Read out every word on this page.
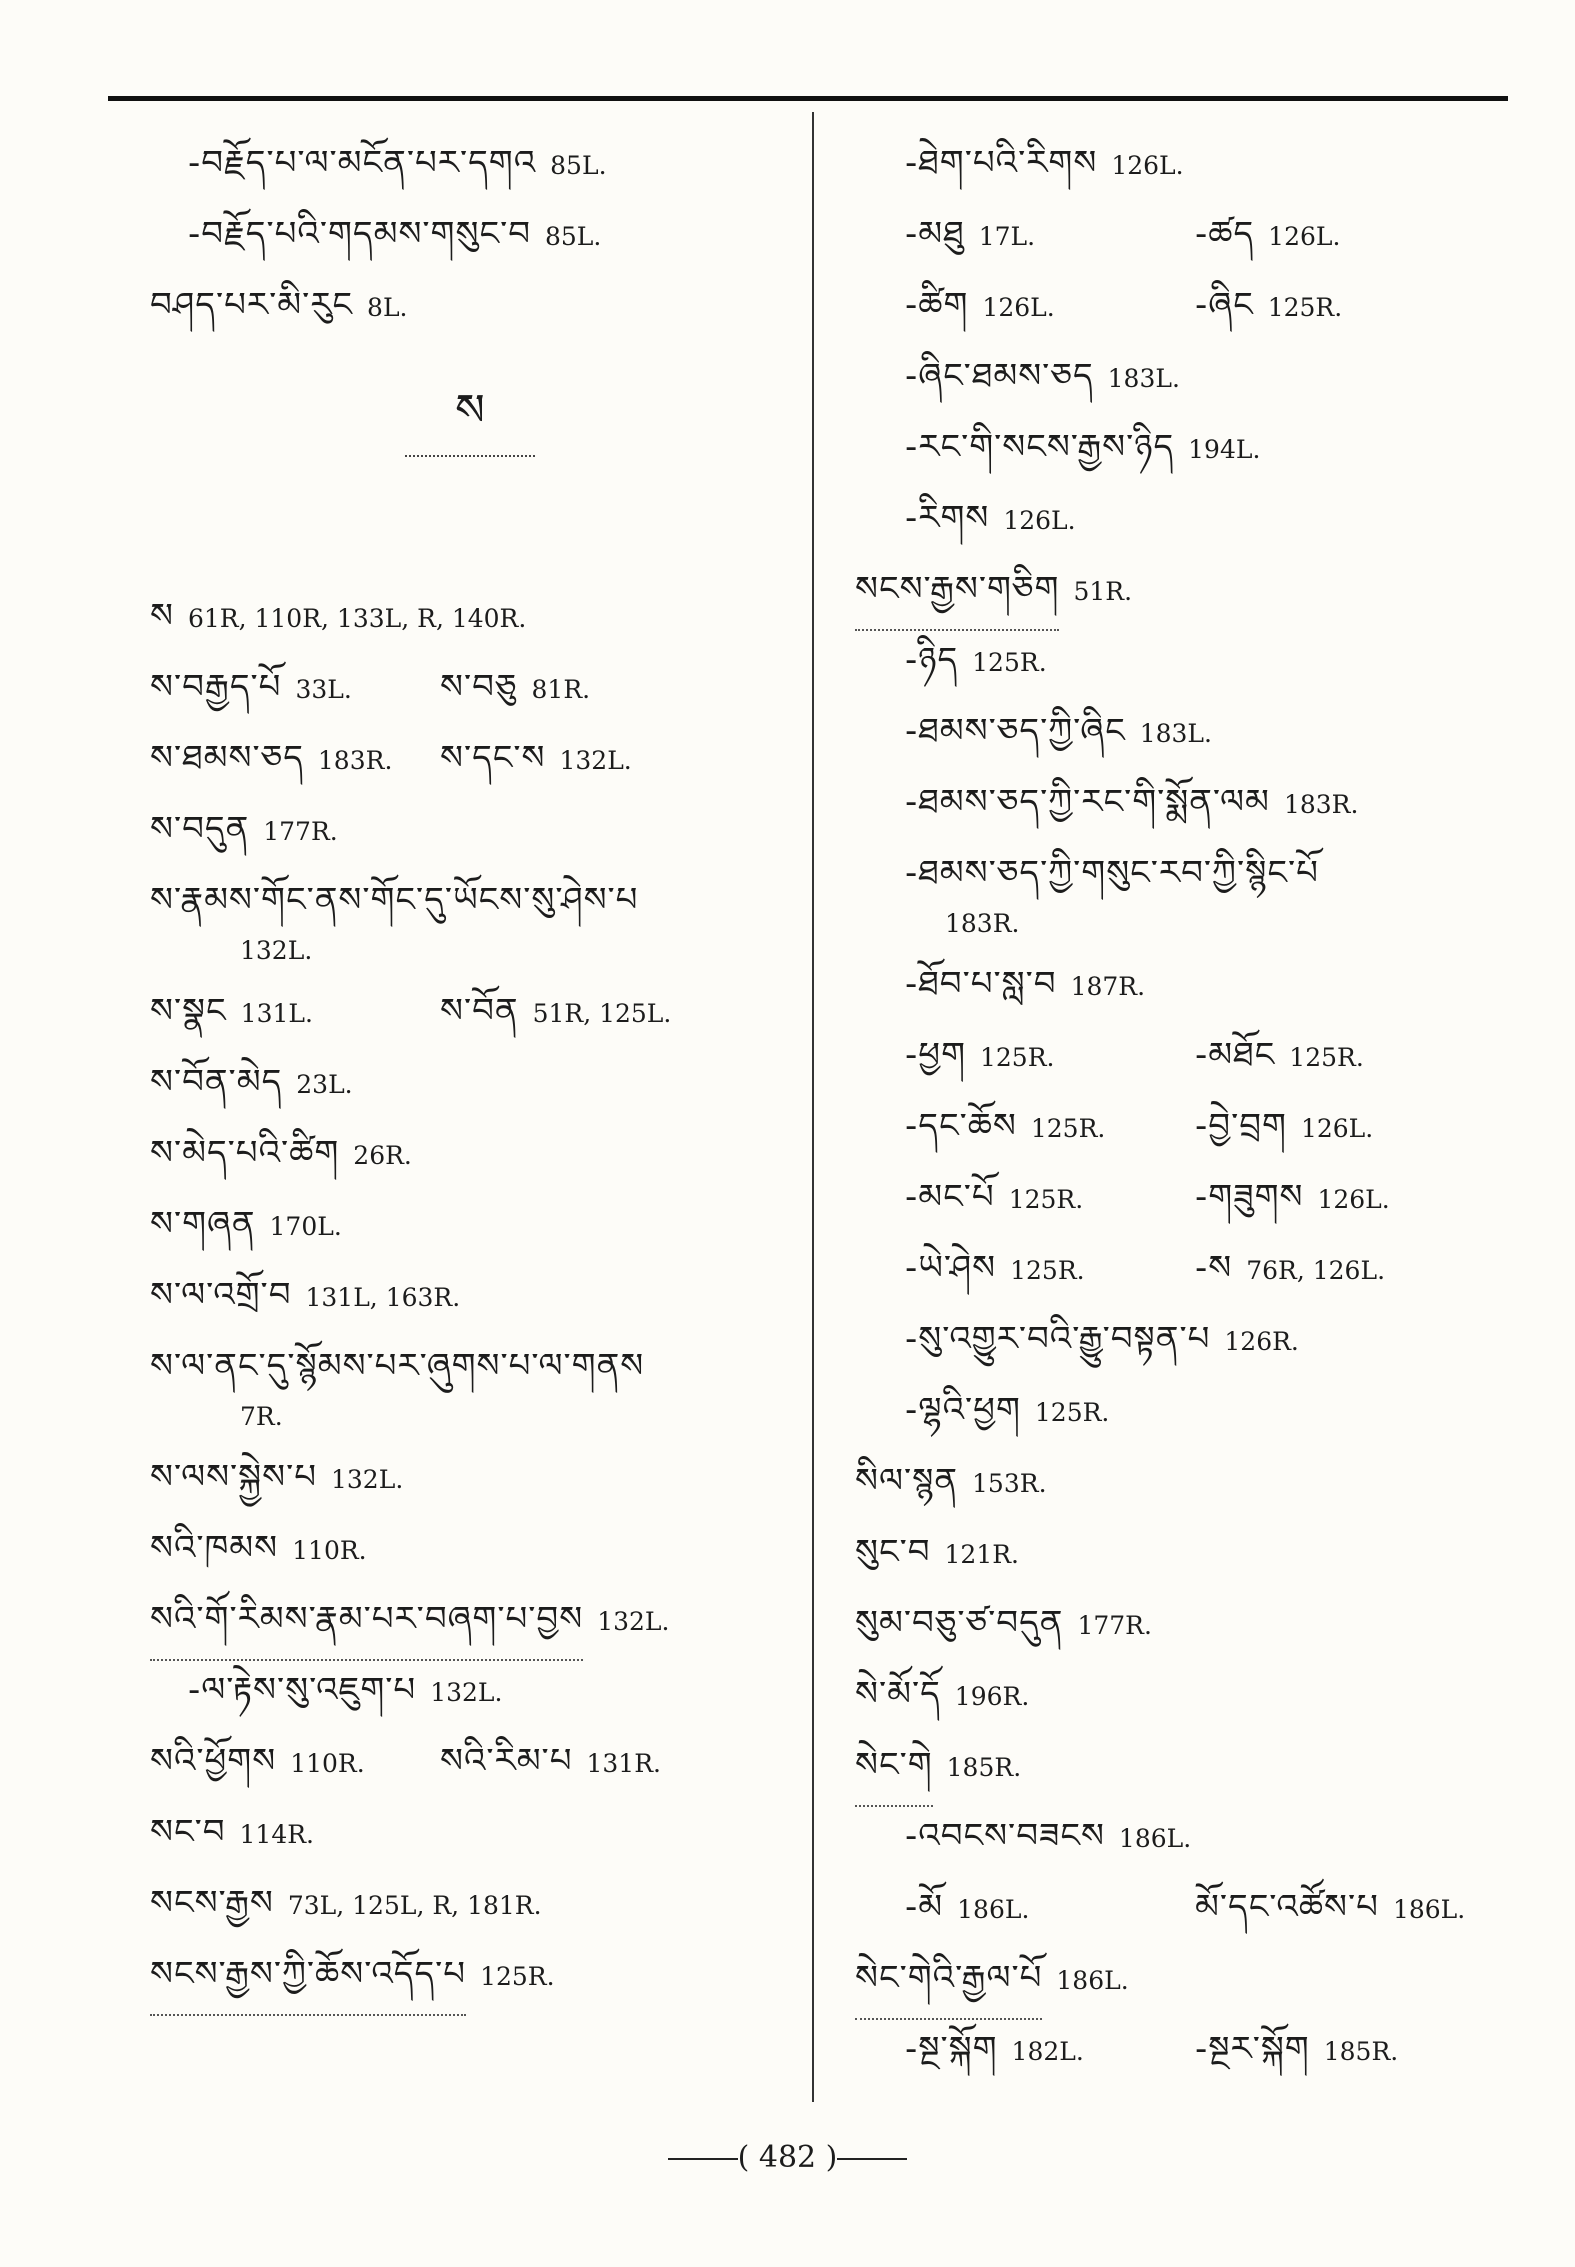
-བརྗོད་པ་ལ་མངོན་པར་དགའ 85L.
-བརྗོད་པའི་གདམས་གསུང་བ 85L.
བཤད་པར་མི་རུང 8L.
ས
ས 61R, 110R, 133L, R, 140R.
ས་བརྒྱད་པོ 33L.	ས་བཅུ 81R.
ས་ཐམས་ཅད 183R. ས་དང་ས 132L.
ས་བདུན 177R.
ས་རྣམས་གོང་ནས་གོང་དུ་ཡོངས་སུ་ཤེས་པ
132L.
ས་སྣང 131L.	ས་བོན 51R, 125L.
ས་བོན་མེད 23L.
ས་མེད་པའི་ཚིག 26R.
ས་གཞན 170L.
ས་ལ་འགྲོ་བ 131L, 163R.
ས་ལ་ནང་དུ་སྙོམས་པར་ཞུགས་པ་ལ་གནས
7R.
ས་ལས་སྐྱེས་པ 132L.
སའི་ཁམས 110R.
སའི་གོ་རིམས་རྣམ་པར་བཞག་པ་བྱས 132L.
-ལ་རྟེས་སུ་འཇུག་པ 132L.
སའི་ཕྱོགས 110R. སའི་རིམ་པ 131R.
སང་བ 114R.
སངས་རྒྱས 73L, 125L, R, 181R.
སངས་རྒྱས་ཀྱི་ཆོས་འདོད་པ 125R.
-ཐེག་པའི་རིགས 126L.
-མཐུ 17L.	-ཚད 126L.
-ཚིག 126L.	-ཞིང 125R.
-ཞིང་ཐམས་ཅད 183L.
-རང་གི་སངས་རྒྱས་ཉིད 194L.
-རིགས 126L.
སངས་རྒྱས་གཅིག 51R.
-ཉིད 125R.
-ཐམས་ཅད་ཀྱི་ཞིང 183L.
-ཐམས་ཅད་ཀྱི་རང་གི་སྨོན་ལམ 183R.
-ཐམས་ཅད་ཀྱི་གསུང་རབ་ཀྱི་སྙིང་པོ
183R.
-ཐོབ་པ་སླ་བ 187R.
-ཕྱག 125R.	-མཐོང 125R.
-དང་ཆོས 125R.	-བྱེ་བྲག 126L.
-མང་པོ 125R.	-གཟུགས 126L.
-ཡེ་ཤེས 125R.	-ས 76R, 126L.
-སུ་འགྱུར་བའི་རྒྱུ་བསྟན་པ 126R.
-ལྷའི་ཕྱག 125R.
སིལ་སྙན 153R.
སུང་བ 121R.
སུམ་བཅུ་ཙ་བདུན 177R.
སེ་མོ་དོ 196R.
སེང་གེ 185R.
-འབངས་བཟངས 186L.
-མོ 186L.	མོ་དང་འཚོས་པ 186L.
སེང་གེའི་རྒྱལ་པོ 186L.
-སྔ་སྐོག 182L.	-སྔར་སྐོག 185R.
( 482 )
